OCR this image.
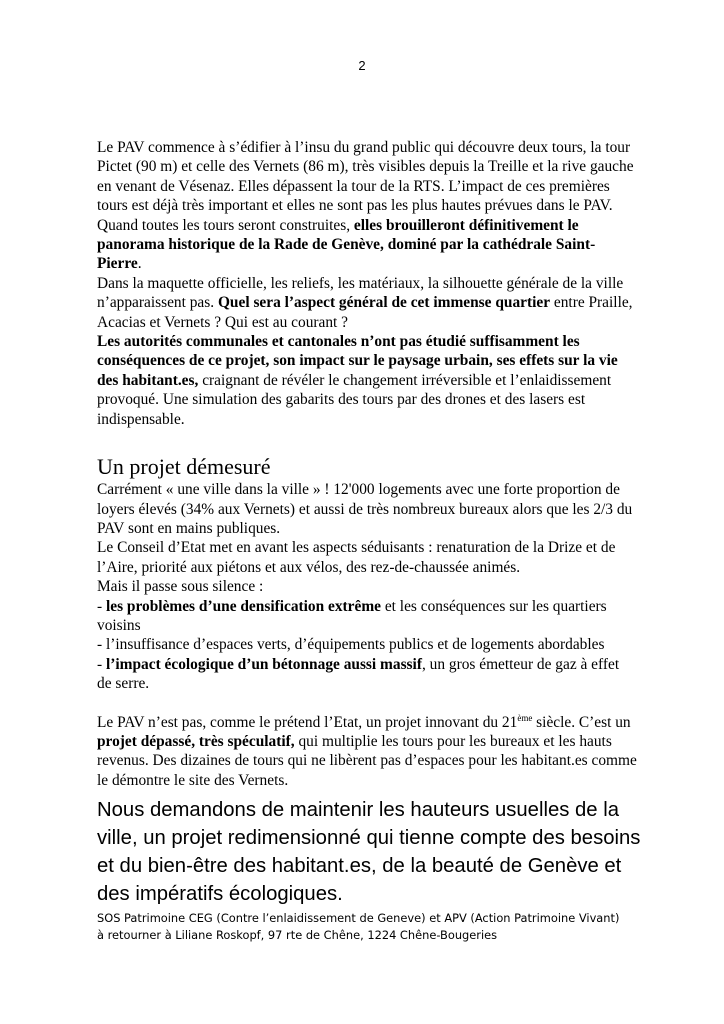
2

Le PAV commence à s’édifier à l’insu du grand public qui découvre deux tours, la tour Pictet (90 m) et celle des Vernets (86 m), très visibles depuis la Treille et la rive gauche en venant de Vésenaz. Elles dépassent la tour de la RTS. L’impact de ces premières tours est déjà très important et elles ne sont pas les plus hautes prévues dans le PAV.

Quand toutes les tours seront construites, elles brouilleront définitivement le panorama historique de la Rade de Genève, dominé par la cathédrale Saint-Pierre.

Dans la maquette officielle, les reliefs, les matériaux, la silhouette générale de la ville n’apparaissent pas. Quel sera l’aspect général de cet immense quartier entre Praille, Acacias et Vernets ? Qui est au courant ?

Les autorités communales et cantonales n’ont pas étudié suffisamment les conséquences de ce projet, son impact sur le paysage urbain, ses effets sur la vie des habitant.es, craignant de révéler le changement irréversible et l’enlaidissement provoqué. Une simulation des gabarits des tours par des drones et des lasers est indispensable.

Un projet démesuré

Carrément « une ville dans la ville » ! 12'000 logements avec une forte proportion de loyers élevés (34% aux Vernets) et aussi de très nombreux bureaux alors que les 2/3 du PAV sont en mains publiques.

Le Conseil d’Etat met en avant les aspects séduisants : renaturation de la Drize et de l’Aire, priorité aux piétons et aux vélos, des rez-de-chaussée animés.

Mais il passe sous silence :

- les problèmes d’une densification extrême et les conséquences sur les quartiers voisins

- l’insuffisance d’espaces verts, d’équipements publics et de logements abordables

- l’impact écologique d’un bétonnage aussi massif, un gros émetteur de gaz à effet de serre.

Le PAV n’est pas, comme le prétend l’Etat, un projet innovant du 21ème siècle. C’est un projet dépassé, très spéculatif, qui multiplie les tours pour les bureaux et les hauts revenus. Des dizaines de tours qui ne libèrent pas d’espaces pour les habitant.es comme le démontre le site des Vernets.

Nous demandons de maintenir les hauteurs usuelles de la ville, un projet redimensionné qui tienne compte des besoins et du bien-être des habitant.es, de la beauté de Genève et des impératifs écologiques.
SOS Patrimoine CEG (Contre l’enlaidissement de Geneve) et APV (Action Patrimoine Vivant)
à retourner à Liliane Roskopf, 97 rte de Chêne, 1224 Chêne-Bougeries
